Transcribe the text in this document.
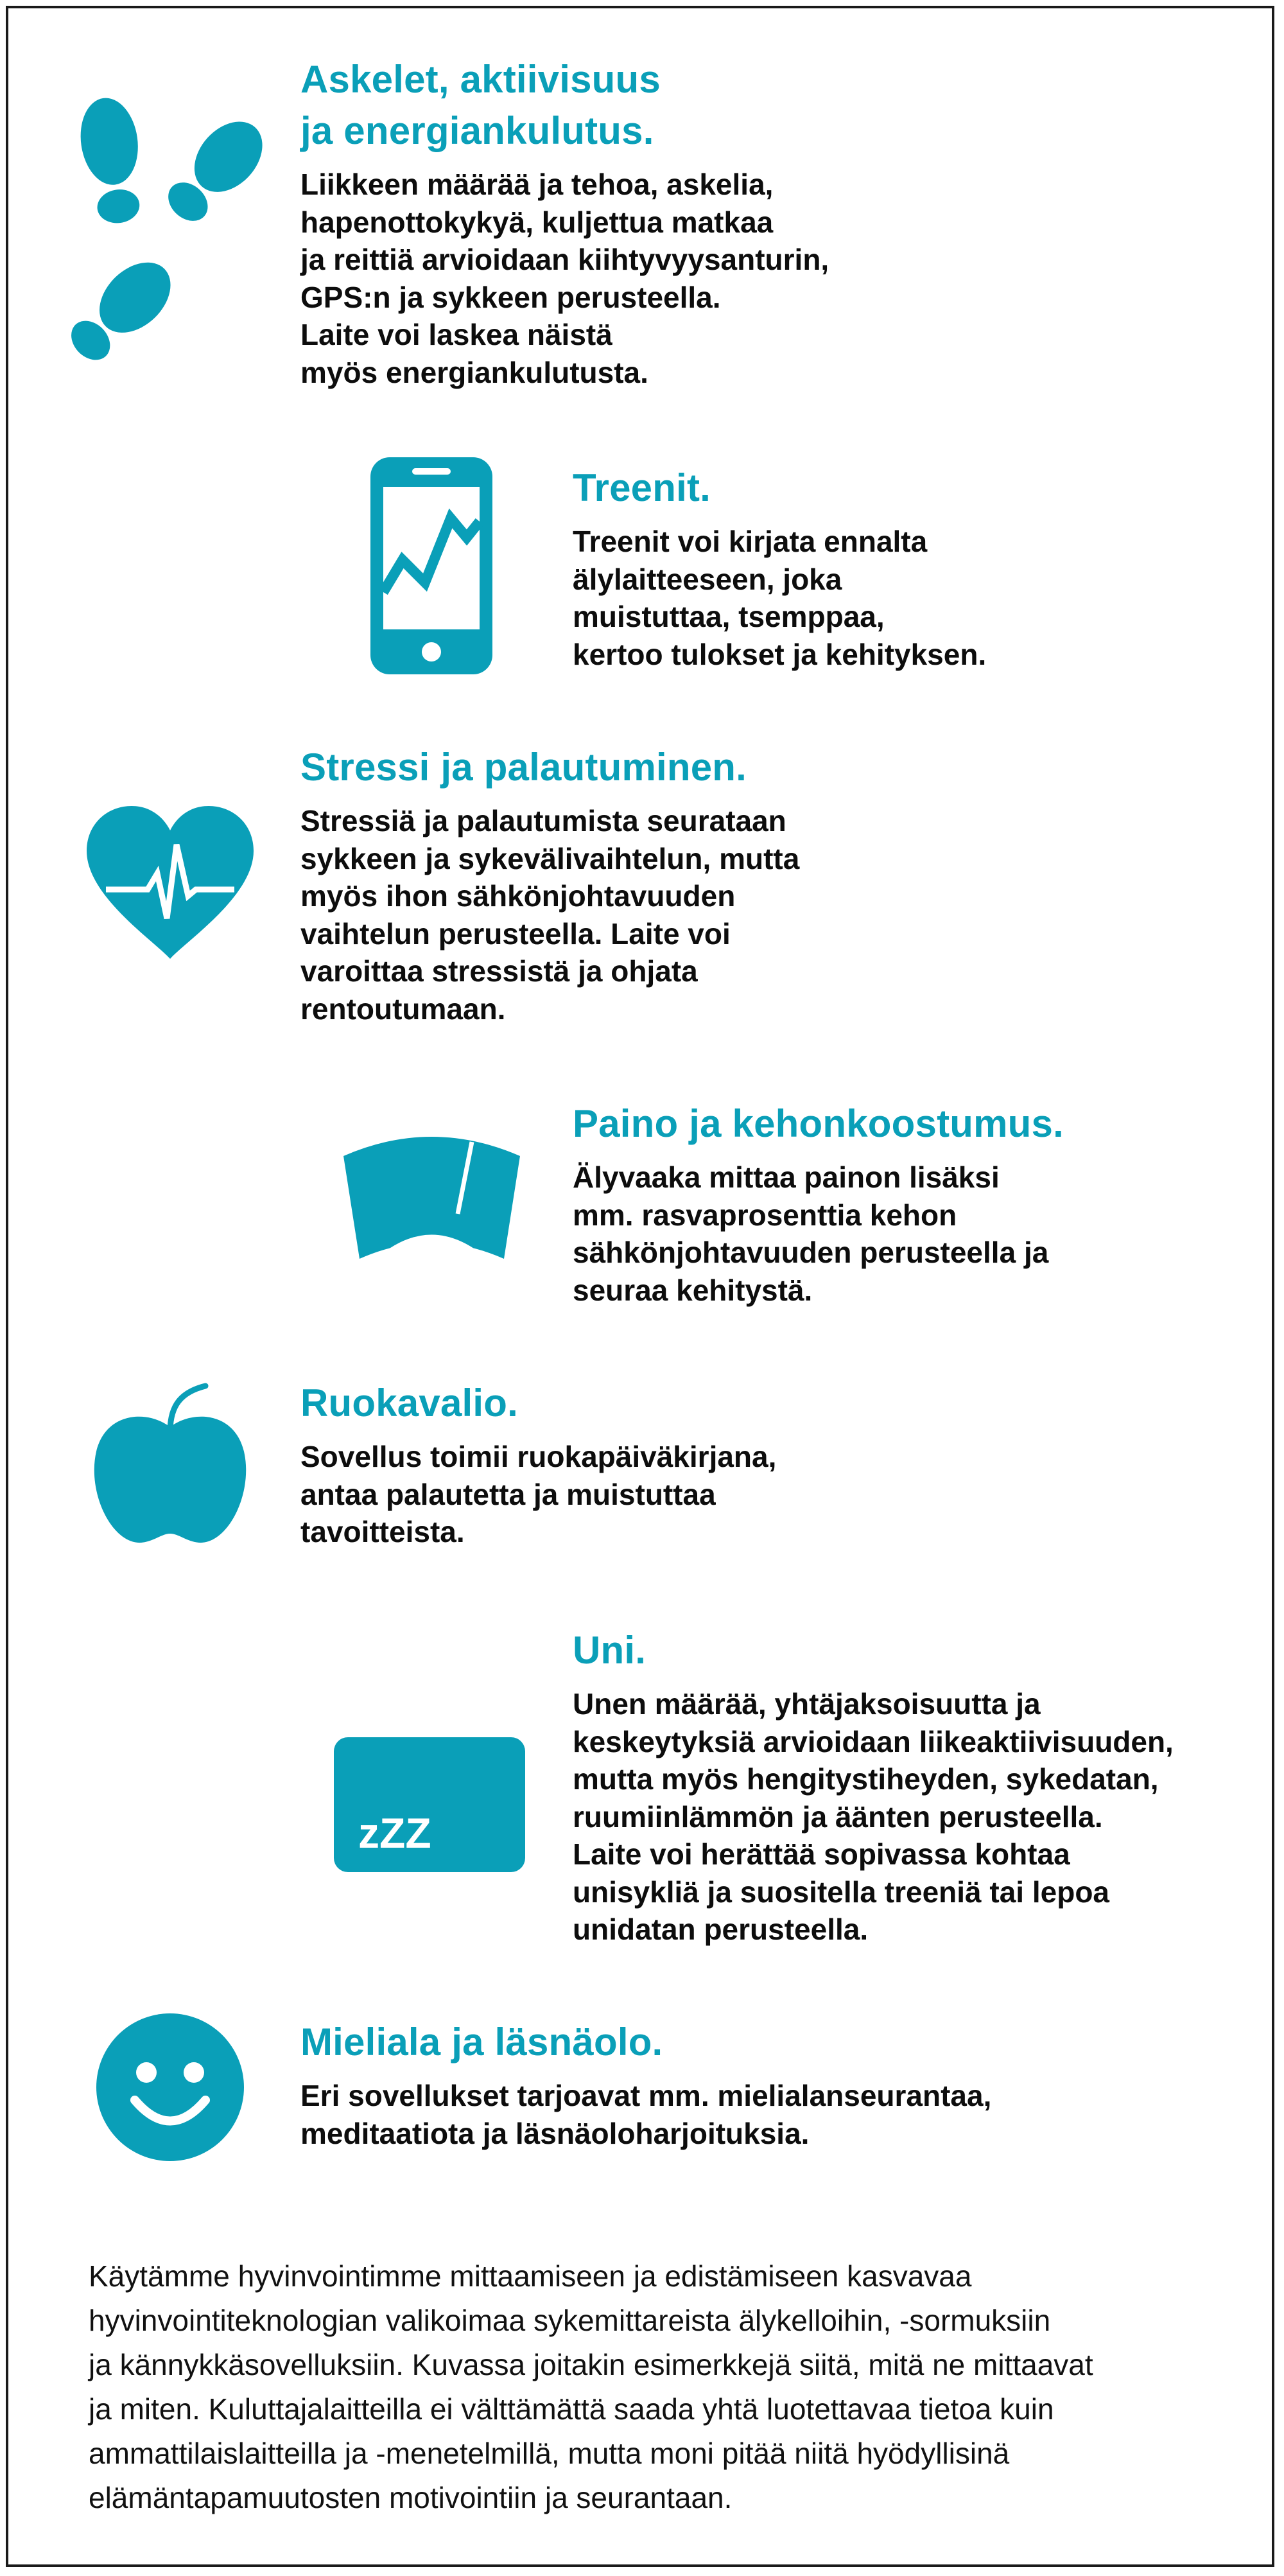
Askelet, aktiivisuus
ja energiankulutus.

Liikkeen määrää ja tehoa, askelia,
hapenottokykyä, kuljettua matkaa
ja reittiä arvioidaan kiihtyvyysanturin,
GPS:n ja sykkeen perusteella.
Laite voi laskea näistä
myös energiankulutusta.

Treenit.

Treenit voi kirjata ennalta
älylaitteeseen, joka
muistuttaa, tsemppaa,
kertoo tulokset ja kehityksen.

Stressi ja palautuminen.

Stressiä ja palautumista seurataan
sykkeen ja sykevälivaihtelun, mutta
myös ihon sähkönjohtavuuden
vaihtelun perusteella. Laite voi
varoittaa stressistä ja ohjata
rentoutumaan.

Paino ja kehonkoostumus.

Älyvaaka mittaa painon lisäksi
mm. rasvaprosenttia kehon
sähkönjohtavuuden perusteella ja
seuraa kehitystä.

Ruokavalio.

Sovellus toimii ruokapäiväkirjana,
antaa palautetta ja muistuttaa
tavoitteista.

zZZ
Uni.

Unen määrää, yhtäjaksoisuutta ja
keskeytyksiä arvioidaan liikeaktiivisuuden,
mutta myös hengitystiheyden, sykedatan,
ruumiinlämmön ja äänten perusteella.
Laite voi herättää sopivassa kohtaa
unisykliä ja suositella treeniä tai lepoa
unidatan perusteella.

Mieliala ja läsnäolo.

Eri sovellukset tarjoavat mm. mielialanseurantaa,
meditaatiota ja läsnäoloharjoituksia.

Käytämme hyvinvointimme mittaamiseen ja edistämiseen kasvavaa
hyvinvointiteknologian valikoimaa sykemittareista älykelloihin, -sormuksiin
ja kännykkäsovelluksiin. Kuvassa joitakin esimerkkejä siitä, mitä ne mittaavat
ja miten. Kuluttajalaitteilla ei välttämättä saada yhtä luotettavaa tietoa kuin
ammattilaislaitteilla ja -menetelmillä, mutta moni pitää niitä hyödyllisinä
elämäntapamuutosten motivointiin ja seurantaan.
